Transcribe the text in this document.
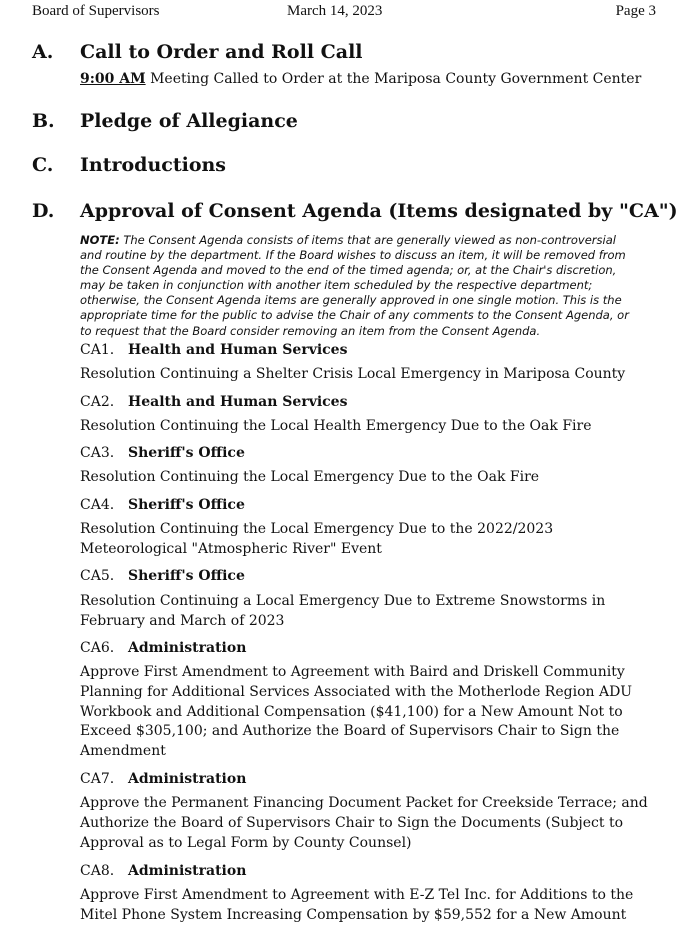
Board of Supervisors	March 14, 2023	Page 3
A. Call to Order and Roll Call
9:00 AM Meeting Called to Order at the Mariposa County Government Center
B. Pledge of Allegiance
C. Introductions
D. Approval of Consent Agenda (Items designated by "CA")
NOTE: The Consent Agenda consists of items that are generally viewed as non-controversial
and routine by the department. If the Board wishes to discuss an item, it will be removed from
the Consent Agenda and moved to the end of the timed agenda; or, at the Chair's discretion,
may be taken in conjunction with another item scheduled by the respective department;
otherwise, the Consent Agenda items are generally approved in one single motion. This is the
appropriate time for the public to advise the Chair of any comments to the Consent Agenda, or
to request that the Board consider removing an item from the Consent Agenda.
CA1. Health and Human Services
Resolution Continuing a Shelter Crisis Local Emergency in Mariposa County
CA2. Health and Human Services
Resolution Continuing the Local Health Emergency Due to the Oak Fire
CA3. Sheriff's Office
Resolution Continuing the Local Emergency Due to the Oak Fire
CA4. Sheriff's Office
Resolution Continuing the Local Emergency Due to the 2022/2023
Meteorological "Atmospheric River" Event
CA5. Sheriff's Office
Resolution Continuing a Local Emergency Due to Extreme Snowstorms in
February and March of 2023
CA6. Administration
Approve First Amendment to Agreement with Baird and Driskell Community
Planning for Additional Services Associated with the Motherlode Region ADU
Workbook and Additional Compensation ($41,100) for a New Amount Not to
Exceed $305,100; and Authorize the Board of Supervisors Chair to Sign the
Amendment
CA7. Administration
Approve the Permanent Financing Document Packet for Creekside Terrace; and
Authorize the Board of Supervisors Chair to Sign the Documents (Subject to
Approval as to Legal Form by County Counsel)
CA8. Administration
Approve First Amendment to Agreement with E-Z Tel Inc. for Additions to the
Mitel Phone System Increasing Compensation by $59,552 for a New Amount
